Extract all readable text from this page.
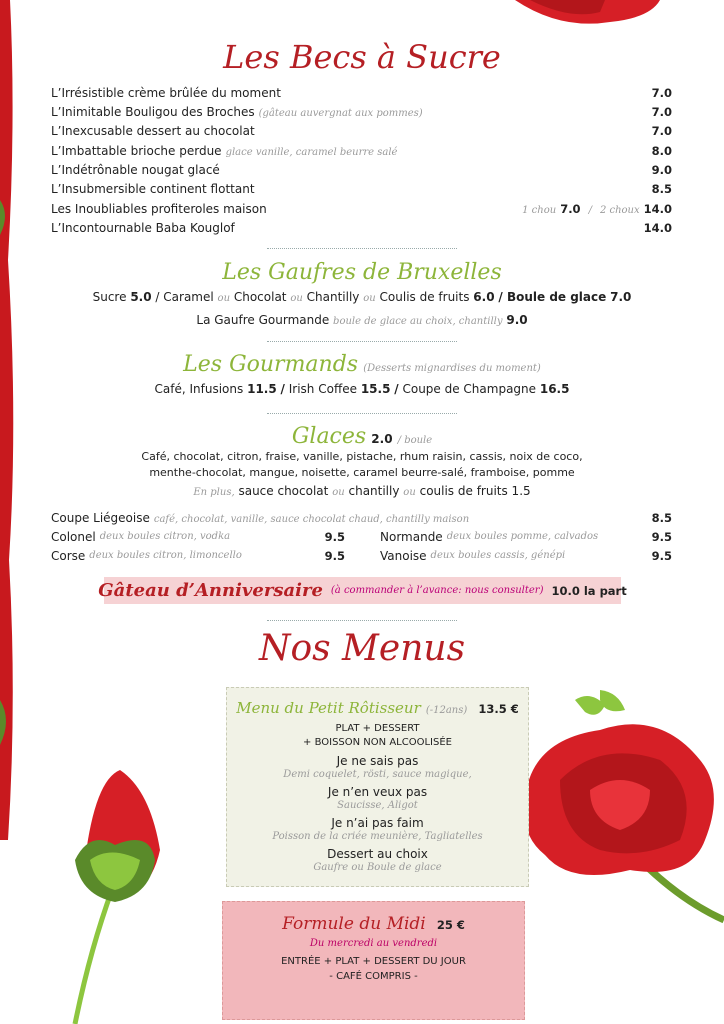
Les Becs à Sucre
L’Irrésistible crème brûlée du moment	7.0
L’Inimitable Bouligou des Broches (gâteau auvergnat aux pommes)	7.0
L’Inexcusable dessert au chocolat	7.0
L’Imbattable brioche perdue glace vanille, caramel beurre salé	8.0
L’Indétrônable nougat glacé	9.0
L’Insubmersible continent flottant	8.5
Les Inoubliables profiteroles maison	1 chou 7.0 / 2 choux 14.0
L’Incontournable Baba Kouglof	14.0
Les Gaufres de Bruxelles
Sucre 5.0 / Caramel ou Chocolat ou Chantilly ou Coulis de fruits 6.0 / Boule de glace 7.0
La Gaufre Gourmande boule de glace au choix, chantilly 9.0
Les Gourmands (Desserts mignardises du moment)
Café, Infusions 11.5 / Irish Coffee 15.5 / Coupe de Champagne 16.5
Glaces 2.0 / boule
Café, chocolat, citron, fraise, vanille, pistache, rhum raisin, cassis, noix de coco,
menthe-chocolat, mangue, noisette, caramel beurre-salé, framboise, pomme
En plus, sauce chocolat ou chantilly ou coulis de fruits 1.5
Coupe Liégeoise café, chocolat, vanille, sauce chocolat chaud, chantilly maison	8.5
Colonel deux boules citron, vodka	9.5	Normande deux boules pomme, calvados	9.5
Corse deux boules citron, limoncello	9.5	Vanoise deux boules cassis, génépi	9.5
Gâteau d’Anniversaire (à commander à l’avance: nous consulter) 10.0 la part
Nos Menus
Menu du Petit Rôtisseur (-12ans) 13.5 €
PLAT + DESSERT
+ BOISSON NON ALCOOLISÉE
Je ne sais pas
Demi coquelet, rösti, sauce magique,
Je n’en veux pas
Saucisse, Aligot
Je n’ai pas faim
Poisson de la criée meunière, Tagliatelles
Dessert au choix
Gaufre ou Boule de glace
Formule du Midi 25 €
Du mercredi au vendredi
ENTRÉE + PLAT + DESSERT DU JOUR
- CAFÉ COMPRIS -
